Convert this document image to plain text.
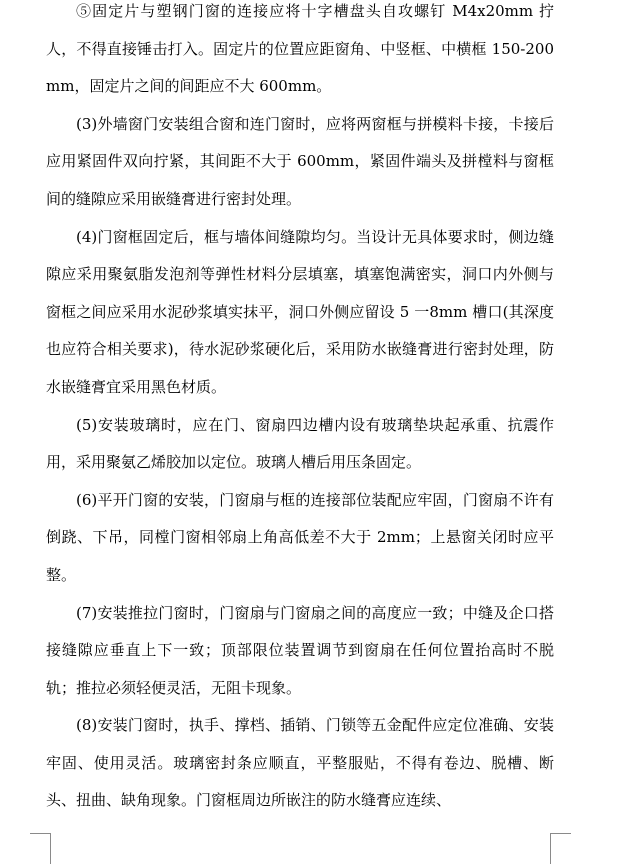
⑤固定片与塑钢门窗的连接应将十字槽盘头自攻螺钉 M4x20mm 拧人，不得直接锤击打入。固定片的位置应距窗角、中竖框、中横框 150-200mm，固定片之间的间距应不大 600mm。

(3)外墙窗门安装组合窗和连门窗时，应将两窗框与拼模料卡接，卡接后应用紧固件双向拧紧，其间距不大于 600mm，紧固件端头及拼樘料与窗框间的缝隙应采用嵌缝膏进行密封处理。

(4)门窗框固定后，框与墙体间缝隙均匀。当设计无具体要求时，侧边缝隙应采用聚氨脂发泡剂等弹性材料分层填塞，填塞饱满密实，洞口内外侧与窗框之间应采用水泥砂浆填实抹平，洞口外侧应留设 5 一8mm 槽口(其深度也应符合相关要求)，待水泥砂浆硬化后，采用防水嵌缝膏进行密封处理，防水嵌缝膏宜采用黑色材质。

(5)安装玻璃时，应在门、窗扇四边槽内设有玻璃垫块起承重、抗震作用，采用聚氨乙烯胶加以定位。玻璃人槽后用压条固定。

(6)平开门窗的安装，门窗扇与框的连接部位装配应牢固，门窗扇不许有倒跷、下吊，同樘门窗相邻扇上角高低差不大于 2mm；上悬窗关闭时应平整。

(7)安装推拉门窗时，门窗扇与门窗扇之间的高度应一致；中缝及企口搭接缝隙应垂直上下一致；顶部限位装置调节到窗扇在任何位置抬高时不脱轨；推拉必须轻便灵活，无阻卡现象。

(8)安装门窗时，执手、撑档、插销、门锁等五金配件应定位准确、安装牢固、使用灵活。玻璃密封条应顺直，平整服贴，不得有卷边、脱槽、断头、扭曲、缺角现象。门窗框周边所嵌注的防水缝膏应连续、
